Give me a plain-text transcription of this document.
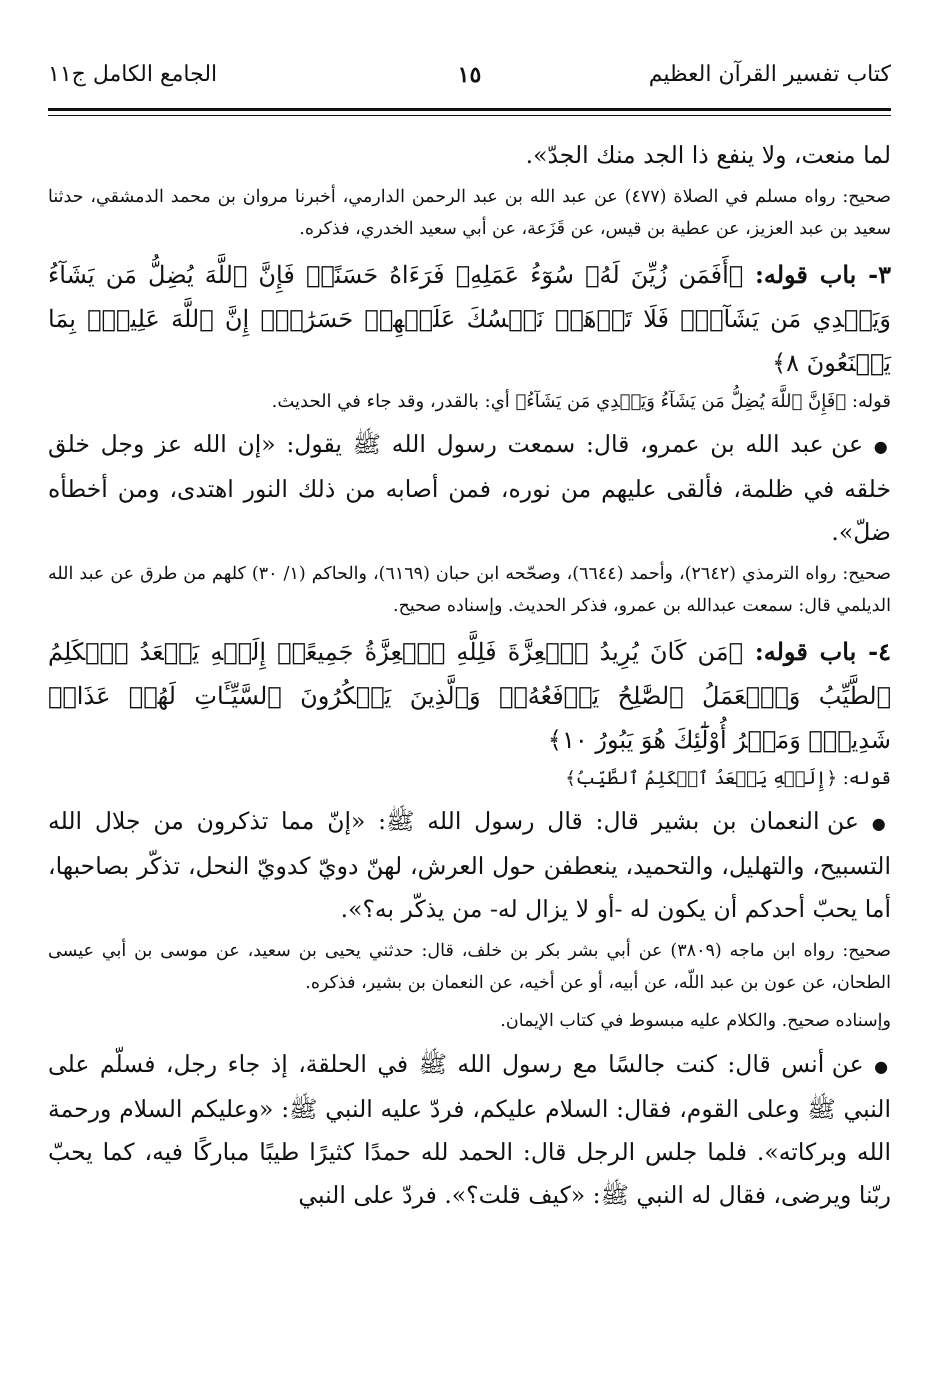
كتاب تفسير القرآن العظيم
١٥
الجامع الكامل ج١١

لما منعت، ولا ينفع ذا الجد منك الجدّ».

صحيح: رواه مسلم في الصلاة (٤٧٧) عن عبد الله بن عبد الرحمن الدارمي، أخبرنا مروان بن محمد الدمشقي، حدثنا سعيد بن عبد العزيز، عن عطية بن قيس، عن قَزَعة، عن أبي سعيد الخدري، فذكره.

٣- باب قوله: ﴿أَفَمَن زُيِّنَ لَهُۥ سُوٓءُ عَمَلِهِۦ فَرَءَاهُ حَسَنًاۖ فَإِنَّ ٱللَّهَ يُضِلُّ مَن يَشَآءُ وَيَهۡدِي مَن يَشَآءُۖ فَلَا تَذۡهَبۡ نَفۡسُكَ عَلَيۡهِمۡ حَسَرَٰتٍۚ إِنَّ ٱللَّهَ عَلِيمُۢ بِمَا يَصۡنَعُونَ ٨﴾

قوله: ﴿فَإِنَّ ٱللَّهَ يُضِلُّ مَن يَشَآءُ وَيَهۡدِي مَن يَشَآءُ﴾ أي: بالقدر، وقد جاء في الحديث.

● عن عبد الله بن عمرو، قال: سمعت رسول الله ﷺ يقول: «إن الله عز وجل خلق خلقه في ظلمة، فألقى عليهم من نوره، فمن أصابه من ذلك النور اهتدى، ومن أخطأه ضلّ».

صحيح: رواه الترمذي (٢٦٤٢)، وأحمد (٦٦٤٤)، وصحّحه ابن حبان (٦١٦٩)، والحاكم (١/ ٣٠) كلهم من طرق عن عبد الله الديلمي قال: سمعت عبدالله بن عمرو، فذكر الحديث. وإسناده صحيح.

٤- باب قوله: ﴿مَن كَانَ يُرِيدُ ٱلۡعِزَّةَ فَلِلَّهِ ٱلۡعِزَّةُ جَمِيعًاۚ إِلَيۡهِ يَصۡعَدُ ٱلۡكَلِمُ ٱلطَّيِّبُ وَٱلۡعَمَلُ ٱلصَّٰلِحُ يَرۡفَعُهُۥۚ وَٱلَّذِينَ يَمۡكُرُونَ ٱلسَّيِّـَٔاتِ لَهُمۡ عَذَابٞ شَدِيدٞۖ وَمَكۡرُ أُوْلَٰٓئِكَ هُوَ يَبُورُ ١٠﴾

قوله: ﴿إِلَيۡهِ يَصۡعَدُ ٱلۡكَلِمُ ٱلطَّيِّبُ﴾

● عن النعمان بن بشير قال: قال رسول الله ﷺ: «إنّ مما تذكرون من جلال الله التسبيح، والتهليل، والتحميد، ينعطفن حول العرش، لهنّ دويّ كدويّ النحل، تذكّر بصاحبها، أما يحبّ أحدكم أن يكون له -أو لا يزال له- من يذكّر به؟».

صحيح: رواه ابن ماجه (٣٨٠٩) عن أبي بشر بكر بن خلف، قال: حدثني يحيى بن سعيد، عن موسى بن أبي عيسى الطحان، عن عون بن عبد اللّه، عن أبيه، أو عن أخيه، عن النعمان بن بشير، فذكره.

وإسناده صحيح. والكلام عليه مبسوط في كتاب الإيمان.

● عن أنس قال: كنت جالسًا مع رسول الله ﷺ في الحلقة، إذ جاء رجل، فسلّم على النبي ﷺ وعلى القوم، فقال: السلام عليكم، فردّ عليه النبي ﷺ: «وعليكم السلام ورحمة الله وبركاته». فلما جلس الرجل قال: الحمد لله حمدًا كثيرًا طيبًا مباركًا فيه، كما يحبّ ربّنا ويرضى، فقال له النبي ﷺ: «كيف قلت؟». فردّ على النبي
